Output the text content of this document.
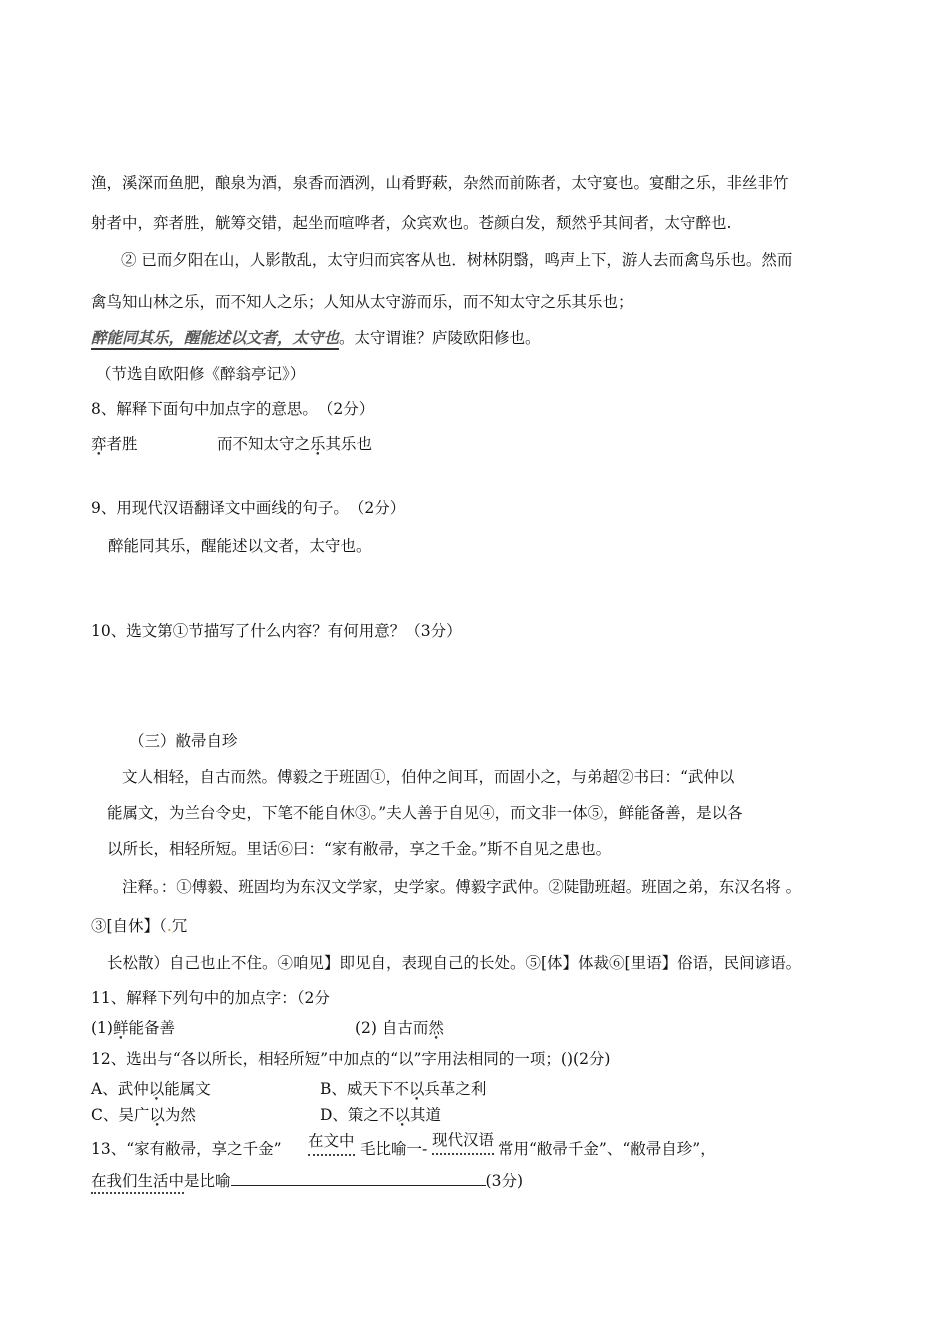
渔，溪深而鱼肥，酿泉为酒，泉香而酒洌，山肴野蔌，杂然而前陈者，太守宴也。宴酣之乐，非丝非竹
射者中，弈者胜，觥筹交错，起坐而喧哗者，众宾欢也。苍颜白发，颓然乎其间者，太守醉也.
② 已而夕阳在山，人影散乱，太守归而宾客从也．树林阴翳，鸣声上下，游人去而禽鸟乐也。然而
禽鸟知山林之乐，而不知人之乐；人知从太守游而乐，而不知太守之乐其乐也；
醉能同其乐，醒能述以文者，太守也。太守谓谁？庐陵欧阳修也。
（节选自欧阳修《醉翁亭记》）
8、解释下面句中加点字的意思。　（2分）
弈者胜	而不知太守之乐其乐也
9、用现代汉语翻译文中画线的句子。　（2分）
醉能同其乐，醒能述以文者，太守也。
10、选文第①节描写了什么内容？有何用意？（3分）
（三）敝帚自珍
文人相轻，自古而然。傅毅之于班固①，伯仲之间耳，而固小之，与弟超②书曰：“武仲以
能属文，为兰台令史，下笔不能自休③。”夫人善于自见④，而文非一体⑤，鲜能备善，是以各
以所长，相轻所短。里话⑥曰：“家有敝帚，享之千金。”斯不自见之患也。
注释。：①傅毅、班固均为东汉文学家，史学家。傅毅字武仲。②陡勖班超。班固之弟，东汉名将 。
③[自休】（.冗
长松散）自己也止不住。④咱见】即见自，表现自己的长处。⑤[体】体裁⑥[里语】俗语，民间谚语。
11、解释下列句中的加点字：（2分
(1)鲜能备善	(2) 自古而然
12、选出与“各以所长，相轻所短”中加点的“以”字用法相同的一项；()(2分)
A、武仲以能属文	B、威天下不以兵革之利
C、吴广以为然	D、策之不以其道
13、“家有敝帚，享之千金” 在文中 毛比喻一- 现代汉语 常用“敝帚千金”、“敝帚自珍”，
在我们生活中是比喻	(3分)
